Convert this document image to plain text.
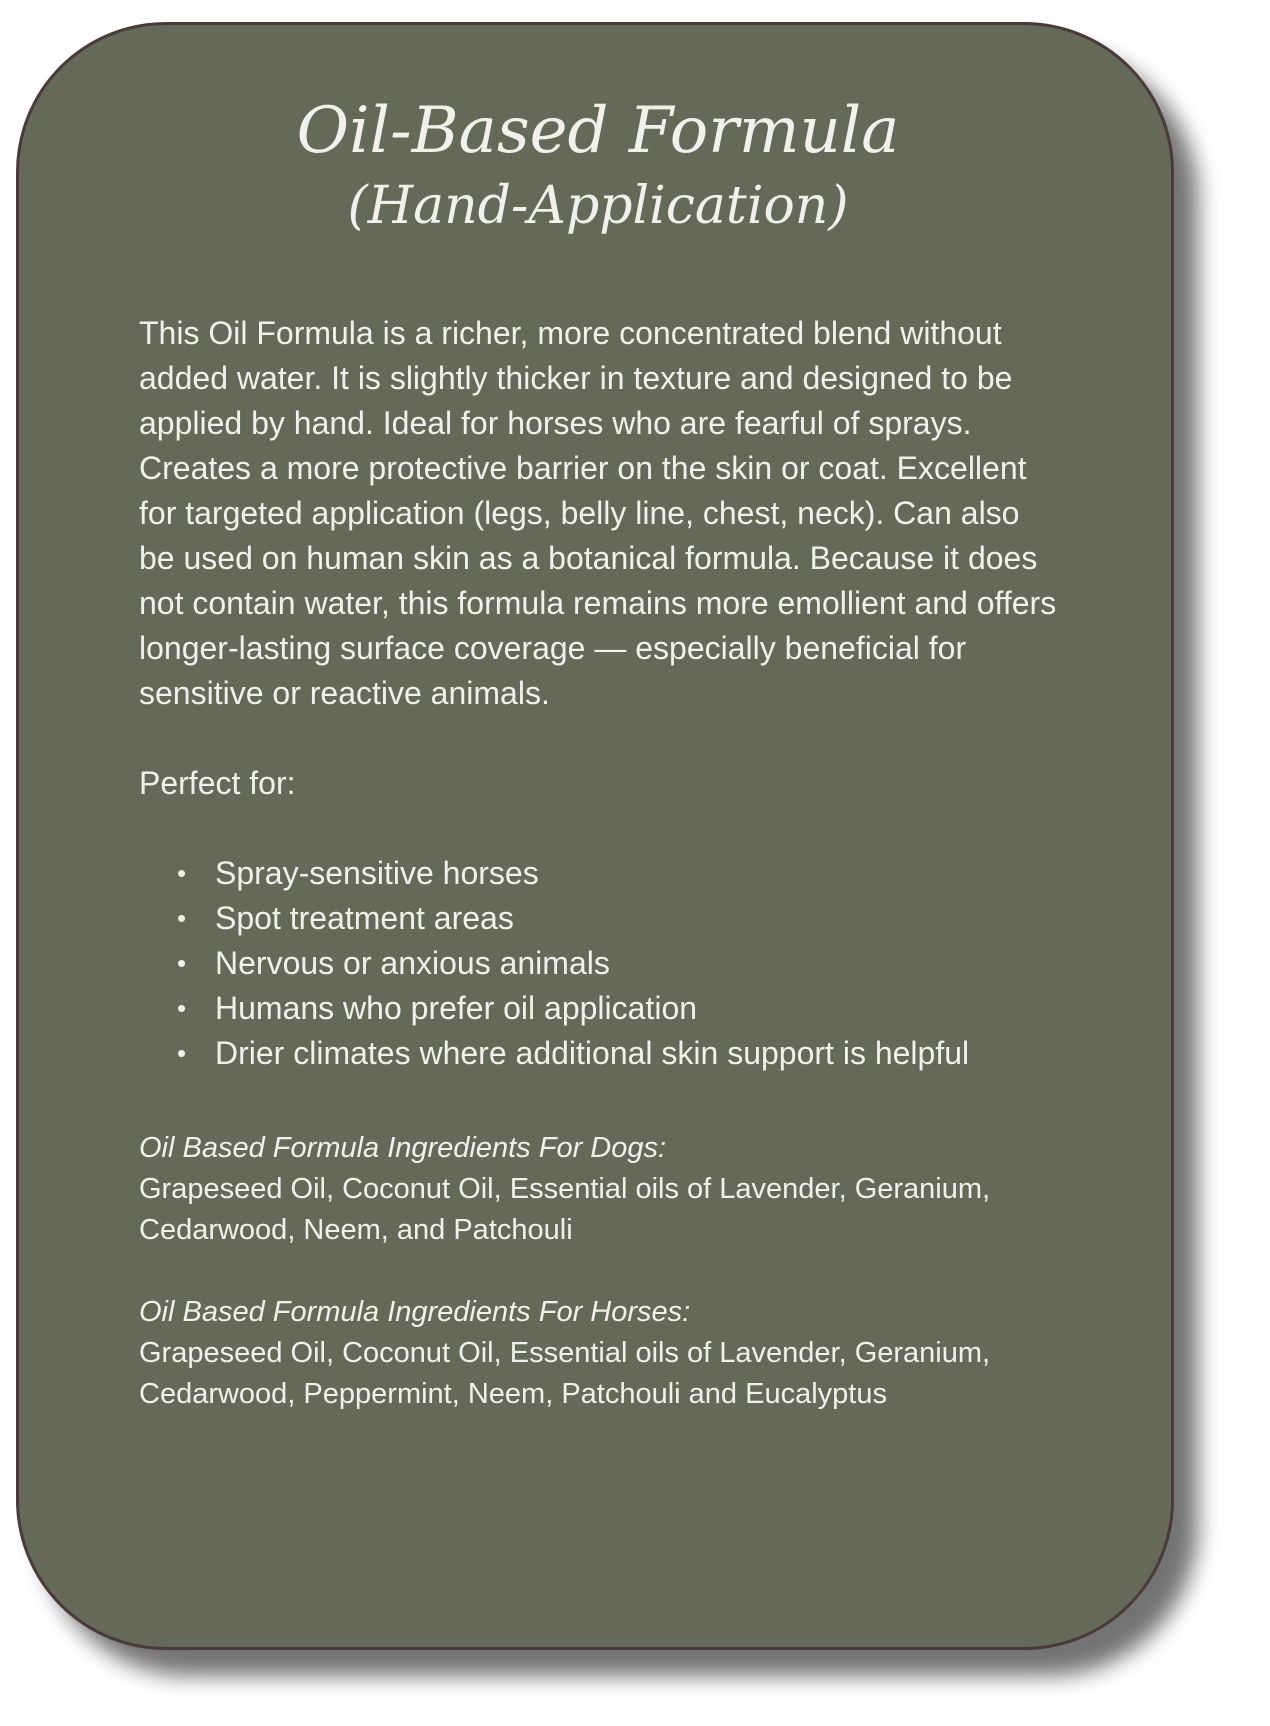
Oil-Based Formula
(Hand-Application)

This Oil Formula is a richer, more concentrated blend without added water. It is slightly thicker in texture and designed to be applied by hand. Ideal for horses who are fearful of sprays. Creates a more protective barrier on the skin or coat. Excellent for targeted application (legs, belly line, chest, neck). Can also be used on human skin as a botanical formula. Because it does not contain water, this formula remains more emollient and offers longer-lasting surface coverage — especially beneficial for sensitive or reactive animals.

Perfect for:

• Spray-sensitive horses
• Spot treatment areas
• Nervous or anxious animals
• Humans who prefer oil application
• Drier climates where additional skin support is helpful

Oil Based Formula Ingredients For Dogs:

Grapeseed Oil, Coconut Oil, Essential oils of Lavender, Geranium, Cedarwood, Neem, and Patchouli

Oil Based Formula Ingredients For Horses:

Grapeseed Oil, Coconut Oil, Essential oils of Lavender, Geranium, Cedarwood, Peppermint, Neem, Patchouli and Eucalyptus
